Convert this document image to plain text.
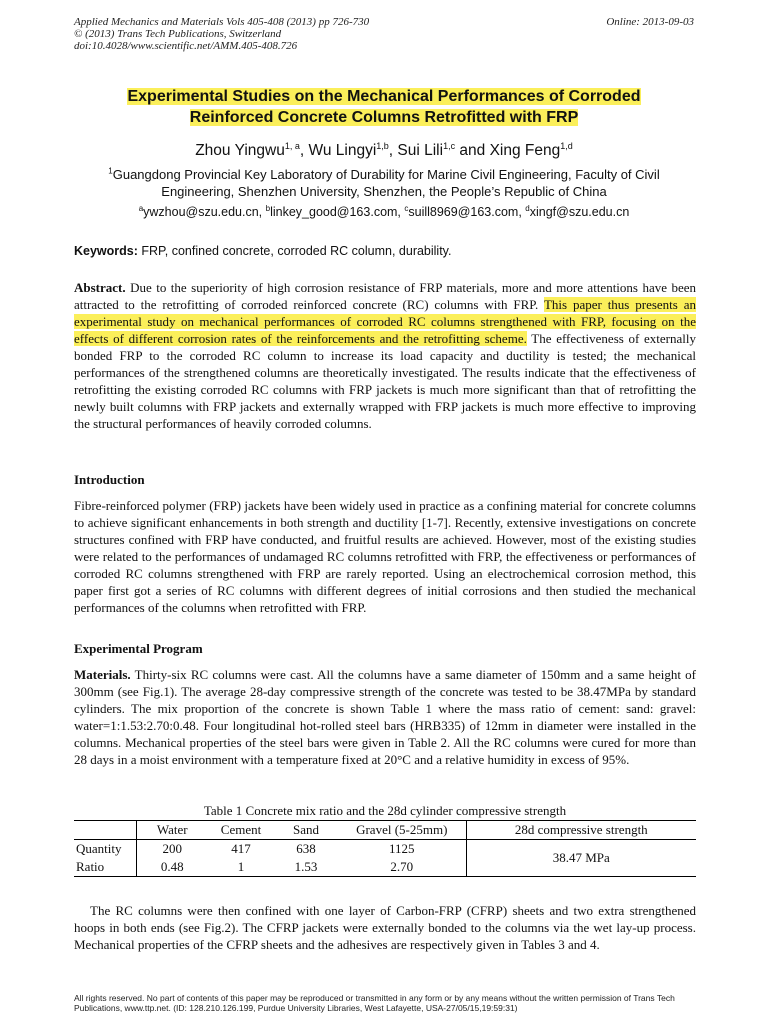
Applied Mechanics and Materials Vols 405-408 (2013) pp 726-730
© (2013) Trans Tech Publications, Switzerland
doi:10.4028/www.scientific.net/AMM.405-408.726
Online: 2013-09-03
Experimental Studies on the Mechanical Performances of Corroded
Reinforced Concrete Columns Retrofitted with FRP
Zhou Yingwu$^{1, a}$, Wu Lingyi$^{1,b}$, Sui Lili$^{1,c}$ and Xing Feng$^{1,d}$
$^1$Guangdong Provincial Key Laboratory of Durability for Marine Civil Engineering, Faculty of Civil Engineering, Shenzhen University, Shenzhen, the People’s Republic of China
$^a$ywzhou@szu.edu.cn, $^b$linkey_good@163.com, $^c$suill8969@163.com, $^d$xingf@szu.edu.cn
Keywords: FRP, confined concrete, corroded RC column, durability.
Abstract. Due to the superiority of high corrosion resistance of FRP materials, more and more attentions have been attracted to the retrofitting of corroded reinforced concrete (RC) columns with FRP. This paper thus presents an experimental study on mechanical performances of corroded RC columns strengthened with FRP, focusing on the effects of different corrosion rates of the reinforcements and the retrofitting scheme. The effectiveness of externally bonded FRP to the corroded RC column to increase its load capacity and ductility is tested; the mechanical performances of the strengthened columns are theoretically investigated. The results indicate that the effectiveness of retrofitting the existing corroded RC columns with FRP jackets is much more significant than that of retrofitting the newly built columns with FRP jackets and externally wrapped with FRP jackets is much more effective to improving the structural performances of heavily corroded columns.
Introduction
Fibre-reinforced polymer (FRP) jackets have been widely used in practice as a confining material for concrete columns to achieve significant enhancements in both strength and ductility [1-7]. Recently, extensive investigations on concrete structures confined with FRP have conducted, and fruitful results are achieved. However, most of the existing studies were related to the performances of undamaged RC columns retrofitted with FRP, the effectiveness or performances of corroded RC columns strengthened with FRP are rarely reported. Using an electrochemical corrosion method, this paper first got a series of RC columns with different degrees of initial corrosions and then studied the mechanical performances of the columns when retrofitted with FRP.
Experimental Program
Materials. Thirty-six RC columns were cast. All the columns have a same diameter of 150mm and a same height of 300mm (see Fig.1). The average 28-day compressive strength of the concrete was tested to be 38.47MPa by standard cylinders. The mix proportion of the concrete is shown Table 1 where the mass ratio of cement: sand: gravel: water=1:1.53:2.70:0.48. Four longitudinal hot-rolled steel bars (HRB335) of 12mm in diameter were installed in the columns. Mechanical properties of the steel bars were given in Table 2. All the RC columns were cured for more than 28 days in a moist environment with a temperature fixed at 20°C and a relative humidity in excess of 95%.
Table 1 Concrete mix ratio and the 28d cylinder compressive strength
	Water	Cement	Sand	Gravel (5-25mm)	28d compressive strength
Quantity	200	417	638	1125	38.47 MPa
Ratio	0.48	1	1.53	2.70	
The RC columns were then confined with one layer of Carbon-FRP (CFRP) sheets and two extra strengthened hoops in both ends (see Fig.2). The CFRP jackets were externally bonded to the columns via the wet lay-up process. Mechanical properties of the CFRP sheets and the adhesives are respectively given in Tables 3 and 4.
All rights reserved. No part of contents of this paper may be reproduced or transmitted in any form or by any means without the written permission of Trans Tech Publications, www.ttp.net. (ID: 128.210.126.199, Purdue University Libraries, West Lafayette, USA-27/05/15,19:59:31)
